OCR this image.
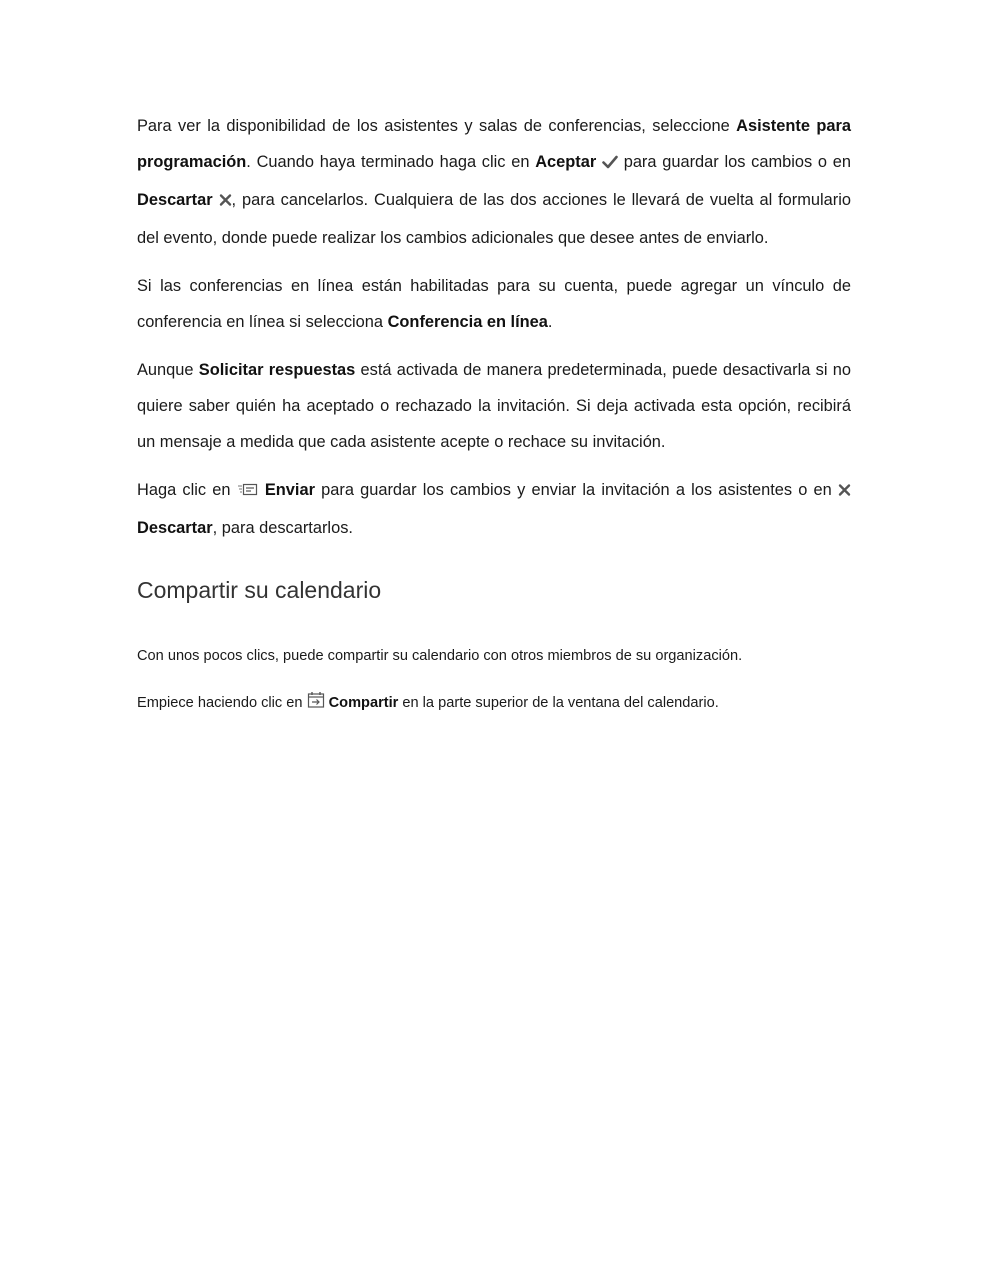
Para ver la disponibilidad de los asistentes y salas de conferencias, seleccione Asistente para programación. Cuando haya terminado haga clic en Aceptar  para guardar los cambios o en Descartar , para cancelarlos. Cualquiera de las dos acciones le llevará de vuelta al formulario del evento, donde puede realizar los cambios adicionales que desee antes de enviarlo.

Si las conferencias en línea están habilitadas para su cuenta, puede agregar un vínculo de conferencia en línea si selecciona Conferencia en línea.

Aunque Solicitar respuestas está activada de manera predeterminada, puede desactivarla si no quiere saber quién ha aceptado o rechazado la invitación. Si deja activada esta opción, recibirá un mensaje a medida que cada asistente acepte o rechace su invitación.

Haga clic en  Enviar para guardar los cambios y enviar la invitación a los asistentes o en  Descartar, para descartarlos.

Compartir su calendario

Con unos pocos clics, puede compartir su calendario con otros miembros de su organización.

Empiece haciendo clic en  Compartir en la parte superior de la ventana del calendario.
